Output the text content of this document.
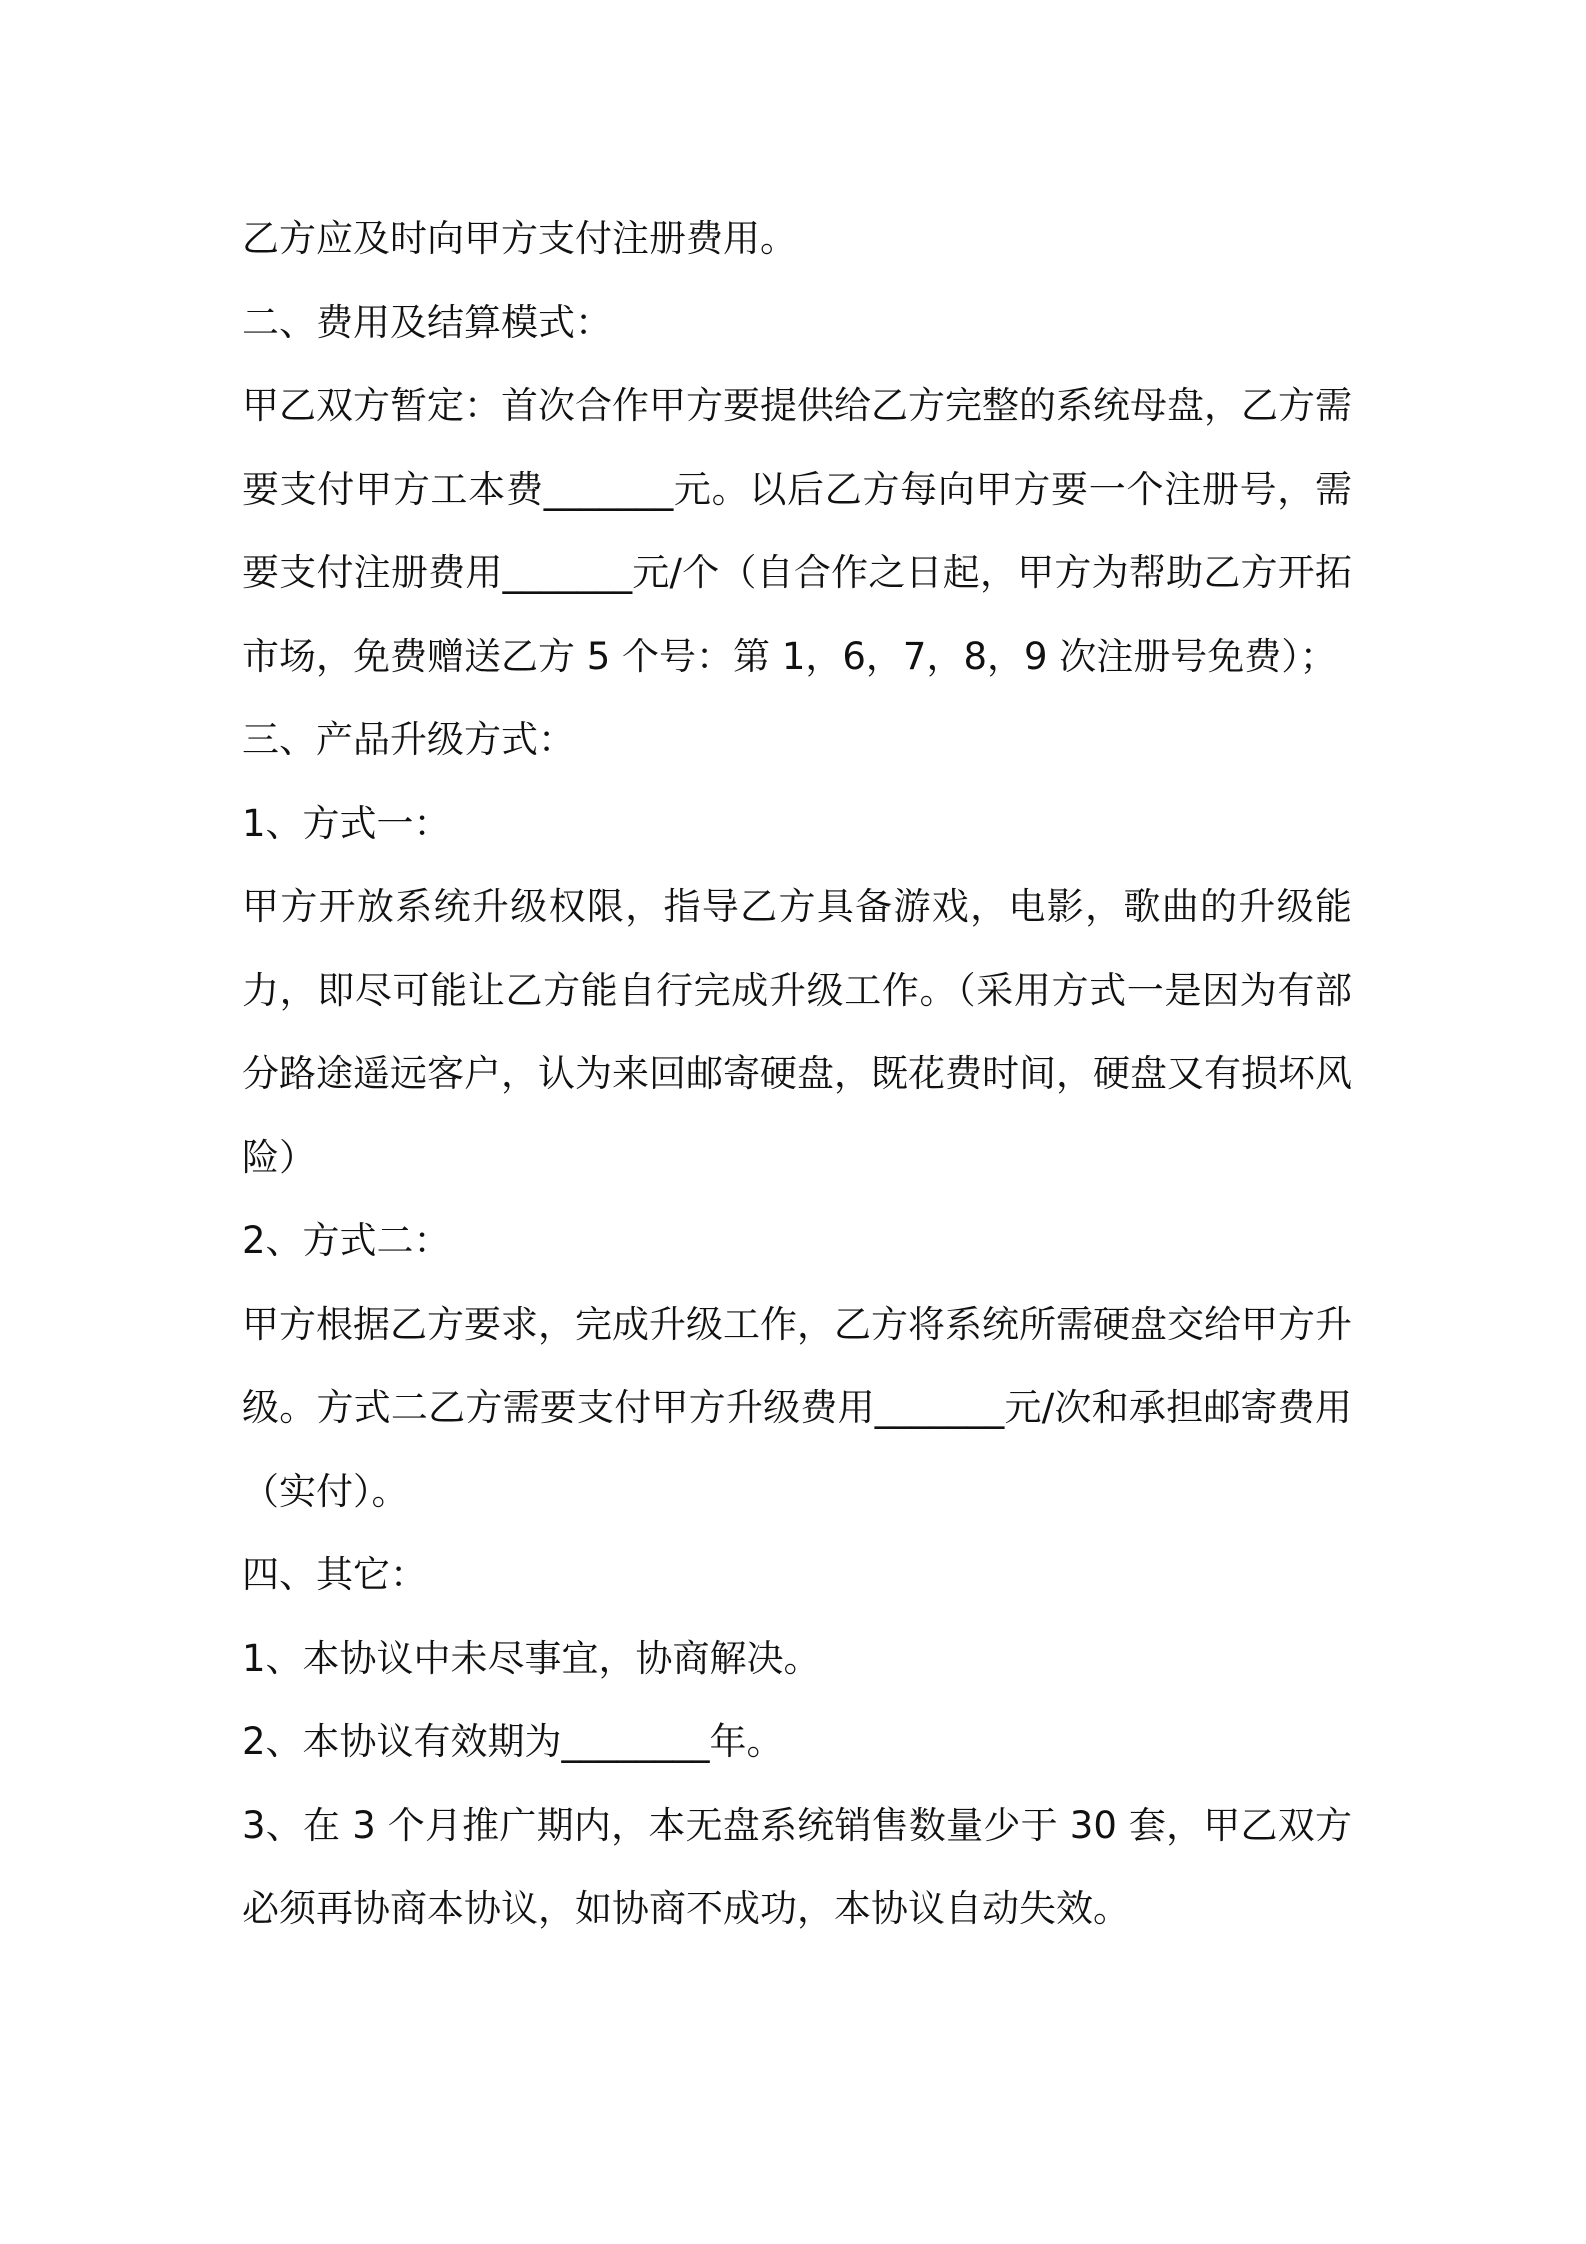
乙方应及时向甲方支付注册费用。

二、费用及结算模式：

甲乙双方暂定：首次合作甲方要提供给乙方完整的系统母盘，乙方需要支付甲方工本费_______元。以后乙方每向甲方要一个注册号，需要支付注册费用_______元/个（自合作之日起，甲方为帮助乙方开拓市场，免费赠送乙方 5 个号：第 1，6，7，8，9 次注册号免费）；

三、产品升级方式：

1、方式一：

甲方开放系统升级权限，指导乙方具备游戏，电影，歌曲的升级能力，即尽可能让乙方能自行完成升级工作。（采用方式一是因为有部分路途遥远客户，认为来回邮寄硬盘，既花费时间，硬盘又有损坏风险）

2、方式二：

甲方根据乙方要求，完成升级工作，乙方将系统所需硬盘交给甲方升级。方式二乙方需要支付甲方升级费用_______元/次和承担邮寄费用（实付）。

四、其它：

1、本协议中未尽事宜，协商解决。

2、本协议有效期为________年。

3、在 3 个月推广期内，本无盘系统销售数量少于 30 套，甲乙双方必须再协商本协议，如协商不成功，本协议自动失效。
